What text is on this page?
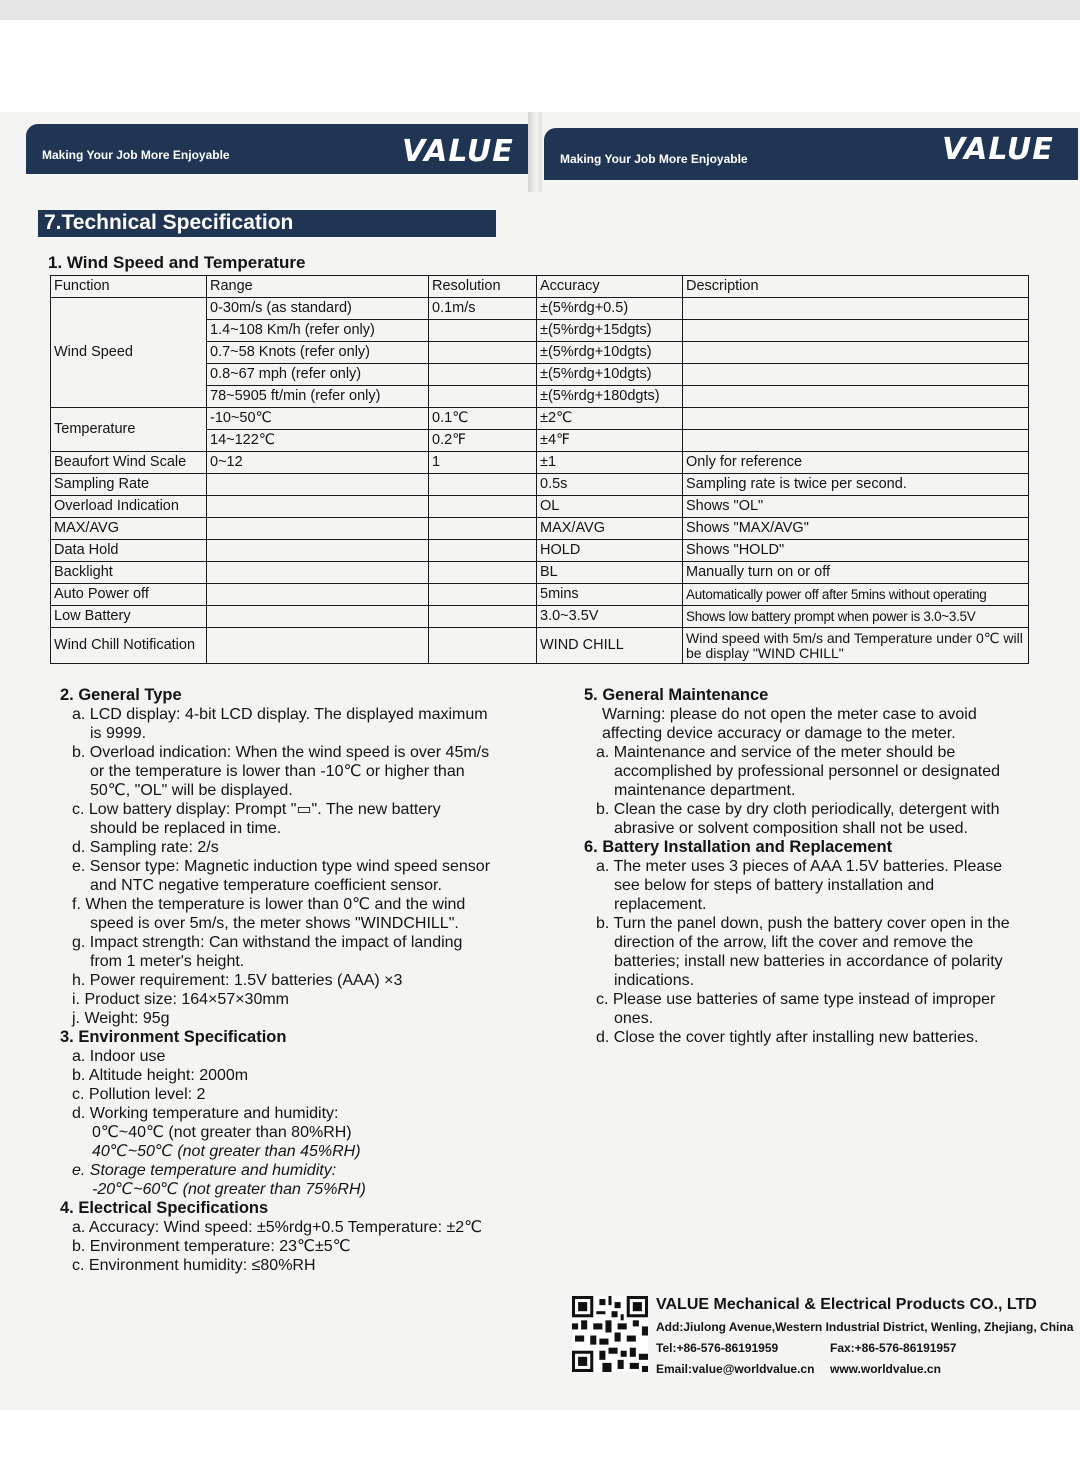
Making Your Job More Enjoyable	VALUE	Making Your Job More Enjoyable	VALUE
7.Technical Specification
1. Wind Speed and Temperature
Function	Range	Resolution	Accuracy	Description
Wind Speed	0-30m/s (as standard)	0.1m/s	±(5%rdg+0.5)	
	1.4~108 Km/h (refer only)		±(5%rdg+15dgts)	
	0.7~58 Knots (refer only)		±(5%rdg+10dgts)	
	0.8~67 mph (refer only)		±(5%rdg+10dgts)	
	78~5905 ft/min (refer only)		±(5%rdg+180dgts)	
Temperature	-10~50℃	0.1℃	±2℃	
	14~122℃	0.2℉	±4℉	
Beaufort Wind Scale	0~12	1	±1	Only for reference
Sampling Rate			0.5s	Sampling rate is twice per second.
Overload Indication			OL	Shows "OL"
MAX/AVG			MAX/AVG	Shows "MAX/AVG"
Data Hold			HOLD	Shows "HOLD"
Backlight			BL	Manually turn on or off
Auto Power off			5mins	Automatically power off after 5mins without operating
Low Battery			3.0~3.5V	Shows low battery prompt when power is 3.0~3.5V
Wind Chill Notification			WIND CHILL	Wind speed with 5m/s and Temperature under 0℃ will be display "WIND CHILL"
2. General Type
a. LCD display: 4-bit LCD display. The displayed maximum
is 9999.
b. Overload indication: When the wind speed is over 45m/s
or the temperature is lower than -10℃ or higher than
50℃, "OL" will be displayed.
c. Low battery display: Prompt "▭". The new battery
should be replaced in time.
d. Sampling rate: 2/s
e. Sensor type: Magnetic induction type wind speed sensor
and NTC negative temperature coefficient sensor.
f. When the temperature is lower than 0℃ and the wind
speed is over 5m/s, the meter shows "WINDCHILL".
g. Impact strength: Can withstand the impact of landing
from 1 meter's height.
h. Power requirement: 1.5V batteries (AAA) ×3
i. Product size: 164×57×30mm
j. Weight: 95g
3. Environment Specification
a. Indoor use
b. Altitude height: 2000m
c. Pollution level: 2
d. Working temperature and humidity:
0℃~40℃ (not greater than 80%RH)
40℃~50℃ (not greater than 45%RH)
e. Storage temperature and humidity:
-20℃~60℃ (not greater than 75%RH)
4. Electrical Specifications
a. Accuracy: Wind speed: ±5%rdg+0.5 Temperature: ±2℃
b. Environment temperature: 23℃±5℃
c. Environment humidity: ≤80%RH
5. General Maintenance
Warning: please do not open the meter case to avoid
affecting device accuracy or damage to the meter.
a. Maintenance and service of the meter should be
accomplished by professional personnel or designated
maintenance department.
b. Clean the case by dry cloth periodically, detergent with
abrasive or solvent composition shall not be used.
6. Battery Installation and Replacement
a. The meter uses 3 pieces of AAA 1.5V batteries. Please
see below for steps of battery installation and
replacement.
b. Turn the panel down, push the battery cover open in the
direction of the arrow, lift the cover and remove the
batteries; install new batteries in accordance of polarity
indications.
c. Please use batteries of same type instead of improper
ones.
d. Close the cover tightly after installing new batteries.
VALUE Mechanical & Electrical Products CO., LTD
Add:Jiulong Avenue,Western Industrial District, Wenling, Zhejiang, China
Tel:+86-576-86191959	Fax:+86-576-86191957
Email:value@worldvalue.cn www.worldvalue.cn
